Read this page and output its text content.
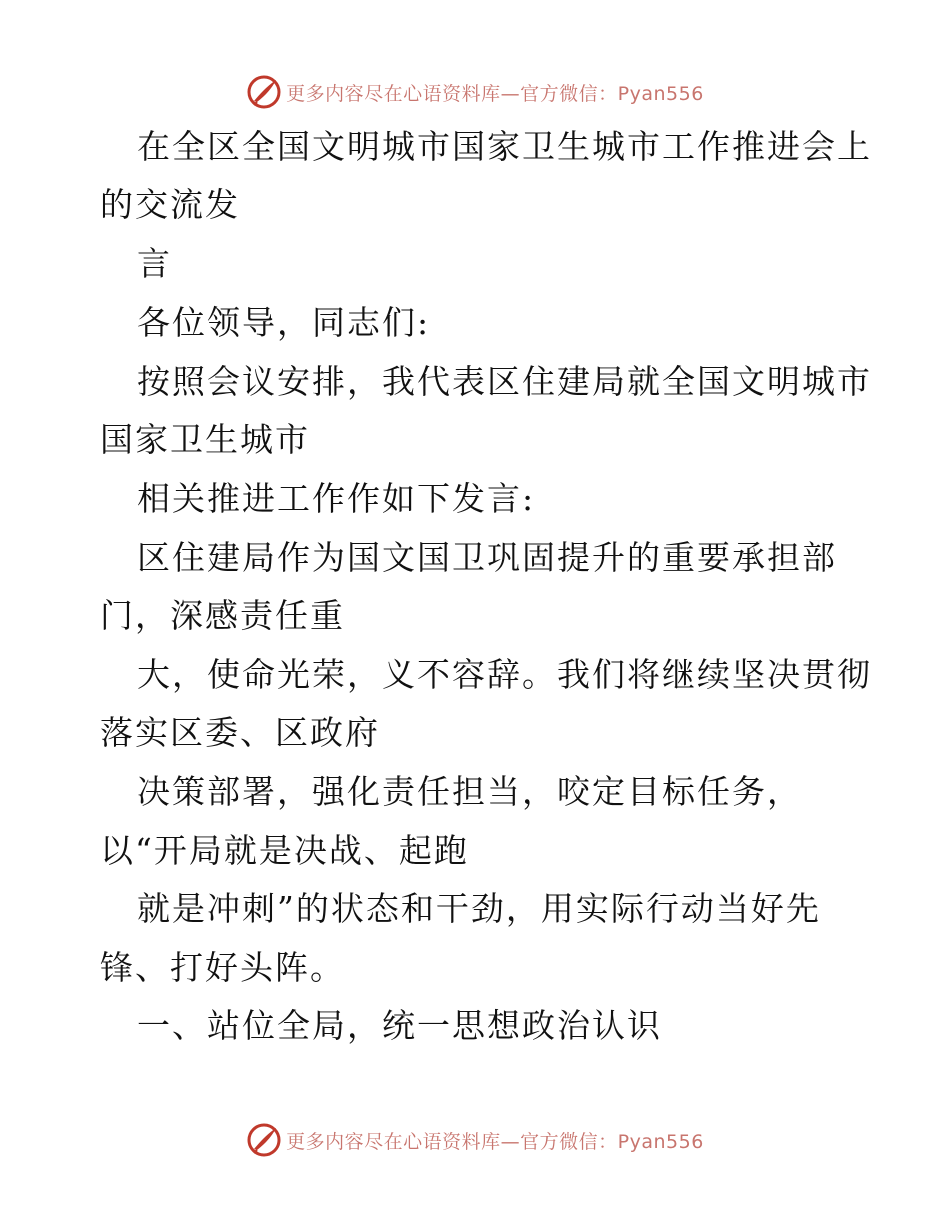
更多内容尽在心语资料库—官方微信：Pyan556
在全区全国文明城市国家卫生城市工作推进会上
的交流发
言
各位领导，同志们:
按照会议安排，我代表区住建局就全国文明城市
国家卫生城市
相关推进工作作如下发言:
区住建局作为国文国卫巩固提升的重要承担部
门，深感责任重
大，使命光荣，义不容辞。我们将继续坚决贯彻
落实区委、区政府
决策部署，强化责任担当，咬定目标任务，
以“开局就是决战、起跑
就是冲刺”的状态和干劲，用实际行动当好先
锋、打好头阵。
一、站位全局，统一思想政治认识
更多内容尽在心语资料库—官方微信：Pyan556
